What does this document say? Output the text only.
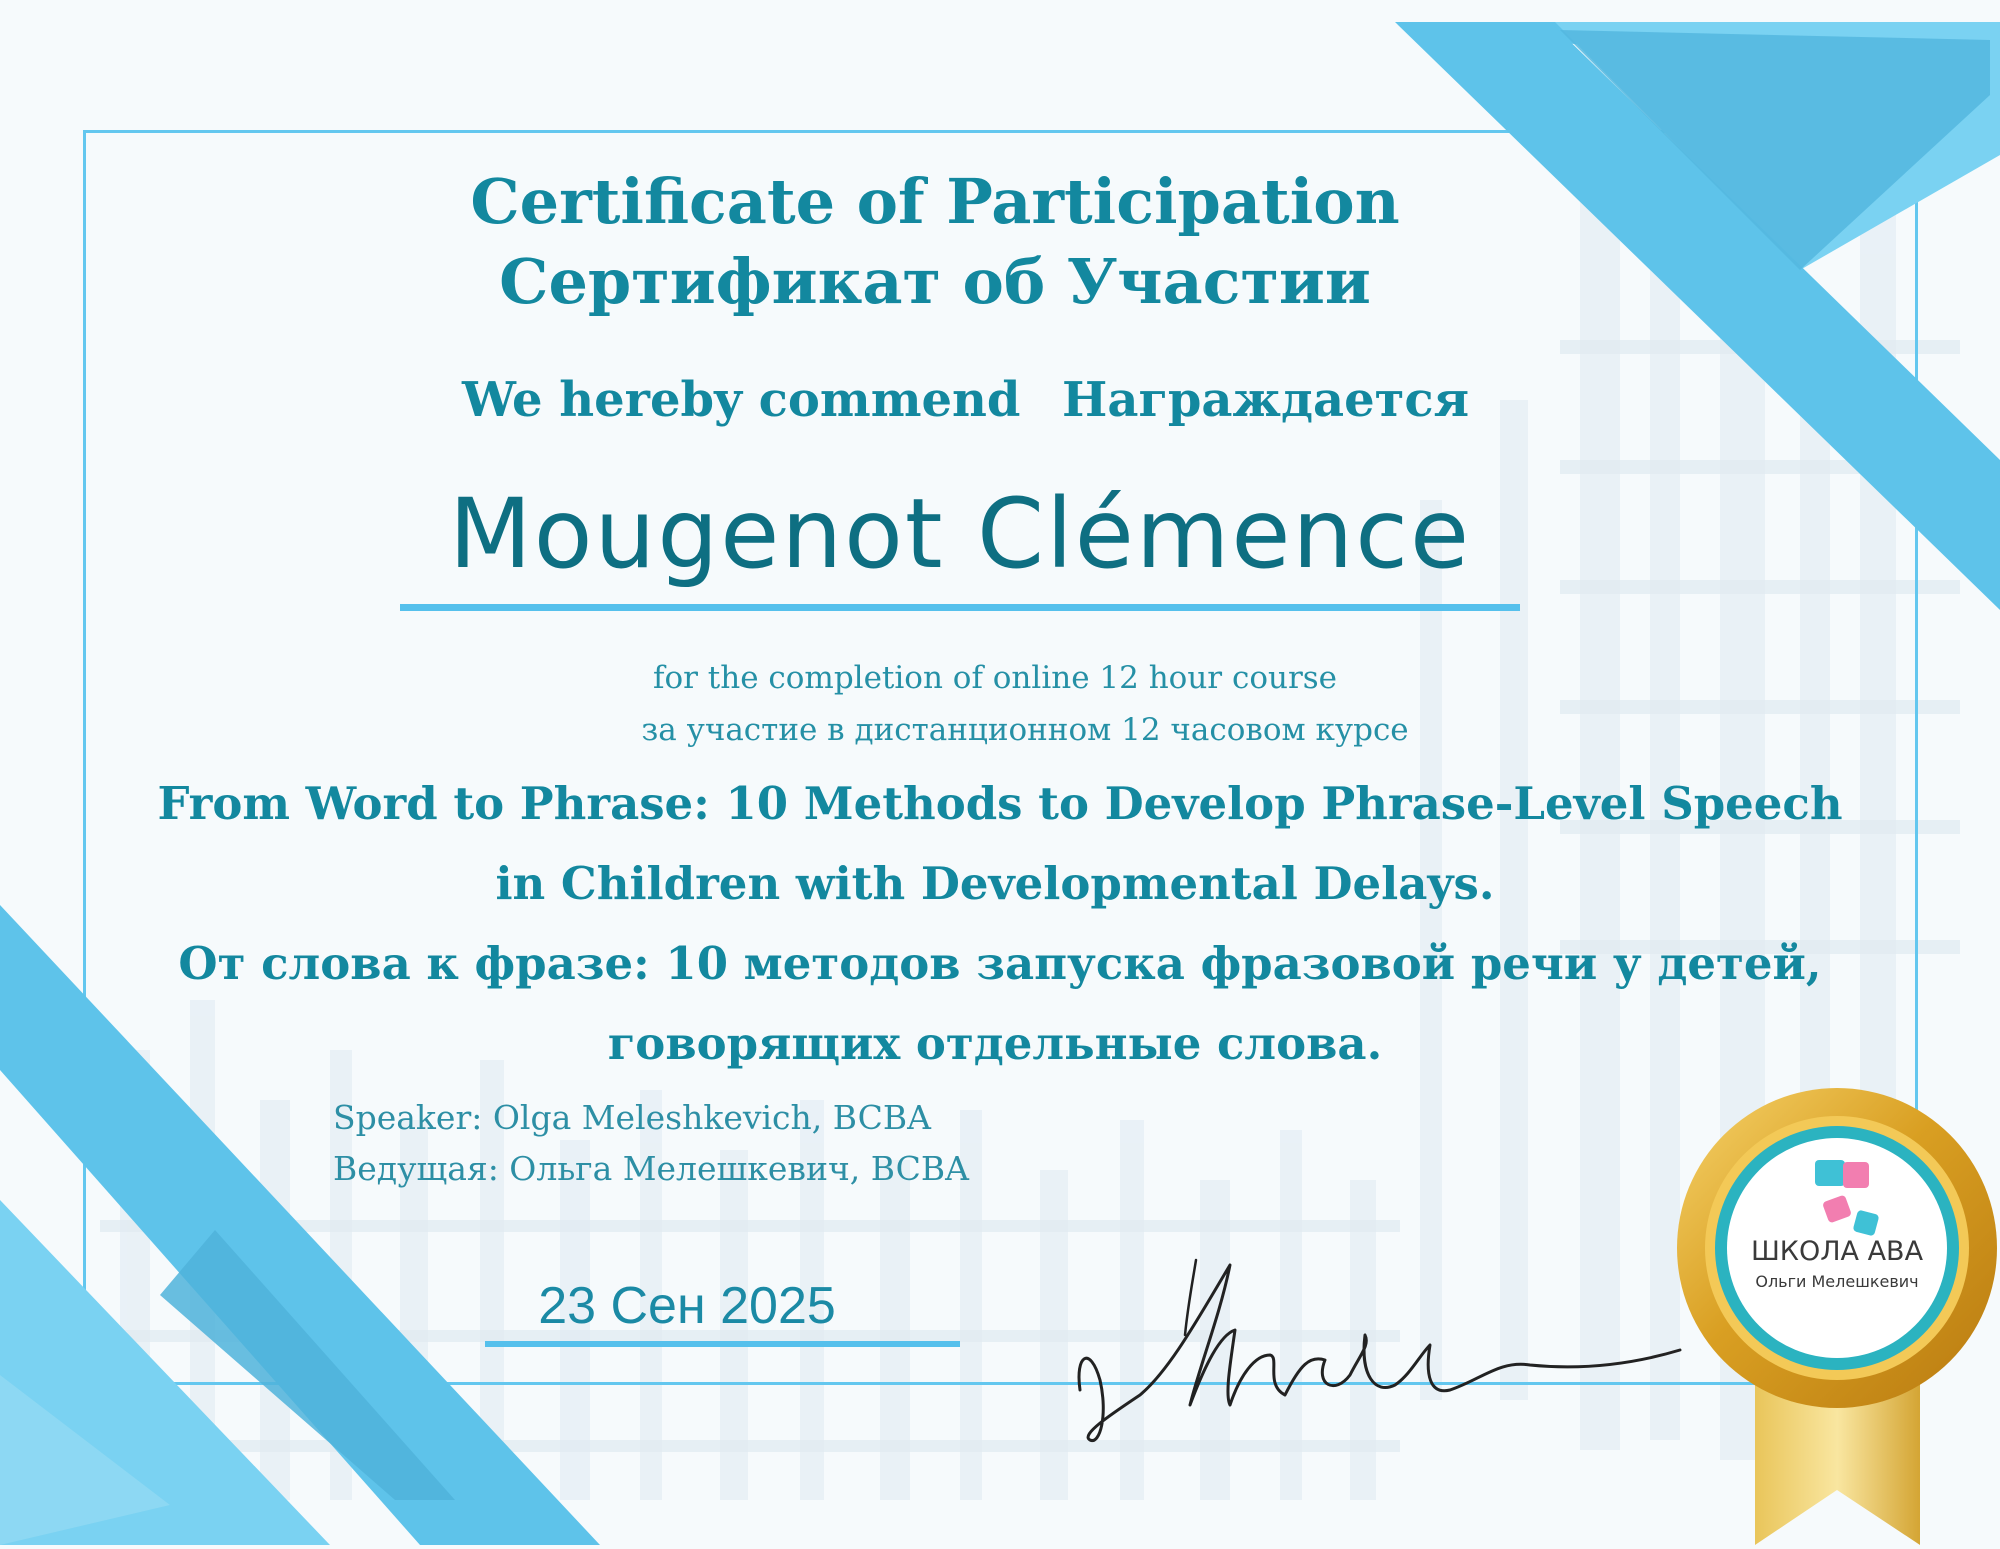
Certificate of Participation
Сертификат об Участии
We hereby commend Награждается
Mougenot Clémence
for the completion of online 12 hour course
за участие в дистанционном 12 часовом курсе
From Word to Phrase: 10 Methods to Develop Phrase-Level Speech
in Children with Developmental Delays.
От слова к фразе: 10 методов запуска фразовой речи у детей,
говорящих отдельные слова.
Speaker: Olga Meleshkevich, BCBA
Ведущая: Ольга Мелешкевич, BCBA
23 Сен 2025
ШКОЛА АВА
Ольги Мелешкевич
